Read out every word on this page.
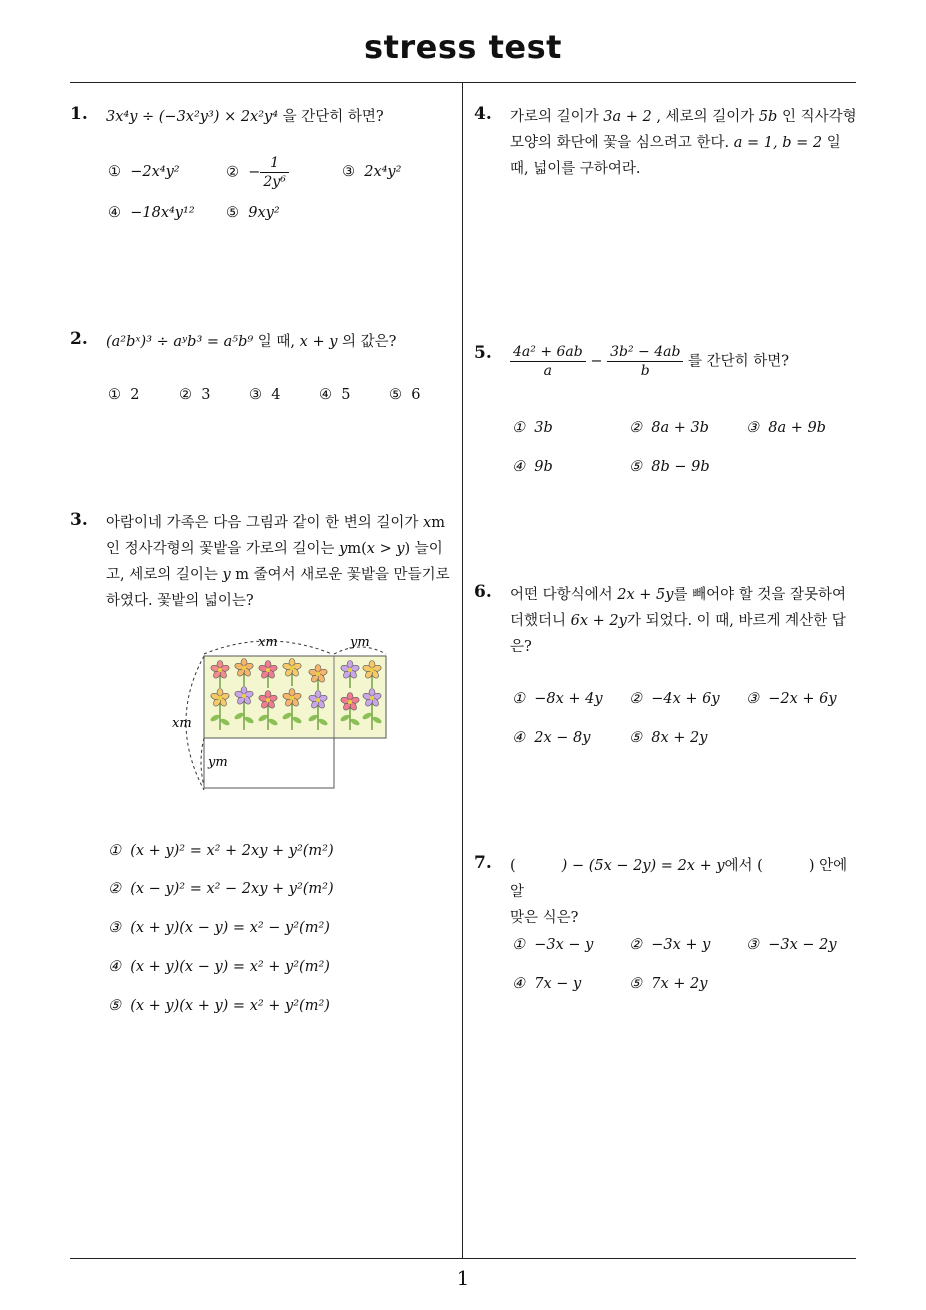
stress test
1
1. 3x⁴y ÷ (−3x²y³) × 2x²y⁴ 을 간단히 하면?
① −2x⁴y²	② − $\frac{1}{\text{2y⁶}}$	③ 2x⁴y²
④ −18x⁴y¹² ⑤ 9xy²
2. (a²bˣ)³ ÷ aʸb³ = a⁵b⁹ 일 때, x + y 의 값은?
① 2	② 3	③ 4	④ 5	⑤ 6
3. 아람이네 가족은 다음 그림과 같이 한 변의 길이가 xm
인 정사각형의 꽃밭을 가로의 길이는 ym(x > y) 늘이
고, 세로의 길이는 y m 줄여서 새로운 꽃밭을 만들기로
하였다. 꽃밭의 넓이는?
xm	ym
xm
ym
① (x + y)² = x² + 2xy + y²(m²)
② (x − y)² = x² − 2xy + y²(m²)
③ (x + y)(x − y) = x² − y²(m²)
④ (x + y)(x − y) = x² + y²(m²)
⑤ (x + y)(x + y) = x² + y²(m²)
4. 가로의 길이가 3a + 2 , 세로의 길이가 5b 인 직사각형
모양의 화단에 꽃을 심으려고 한다. a = 1, b = 2 일
때, 넓이를 구하여라.
5. $\frac{\text{4a² + 6ab}}{a} - \frac{\text{3b² − 4ab}}{b}$ 를 간단히 하면?
① 3b	② 8a + 3b	③ 8a + 9b
④ 9b	⑤ 8b − 9b
6. 어떤 다항식에서 2x + 5y를 빼어야 할 것을 잘못하여
더했더니 6x + 2y가 되었다. 이 때, 바르게 계산한 답
은?
① −8x + 4y ② −4x + 6y ③ −2x + 6y
④ 2x − 8y	⑤ 8x + 2y
7. (	) − (5x − 2y) = 2x + y에서 (	) 안에 알
맞은 식은?
① −3x − y ② −3x + y ③ −3x − 2y
④ 7x − y	⑤ 7x + 2y
